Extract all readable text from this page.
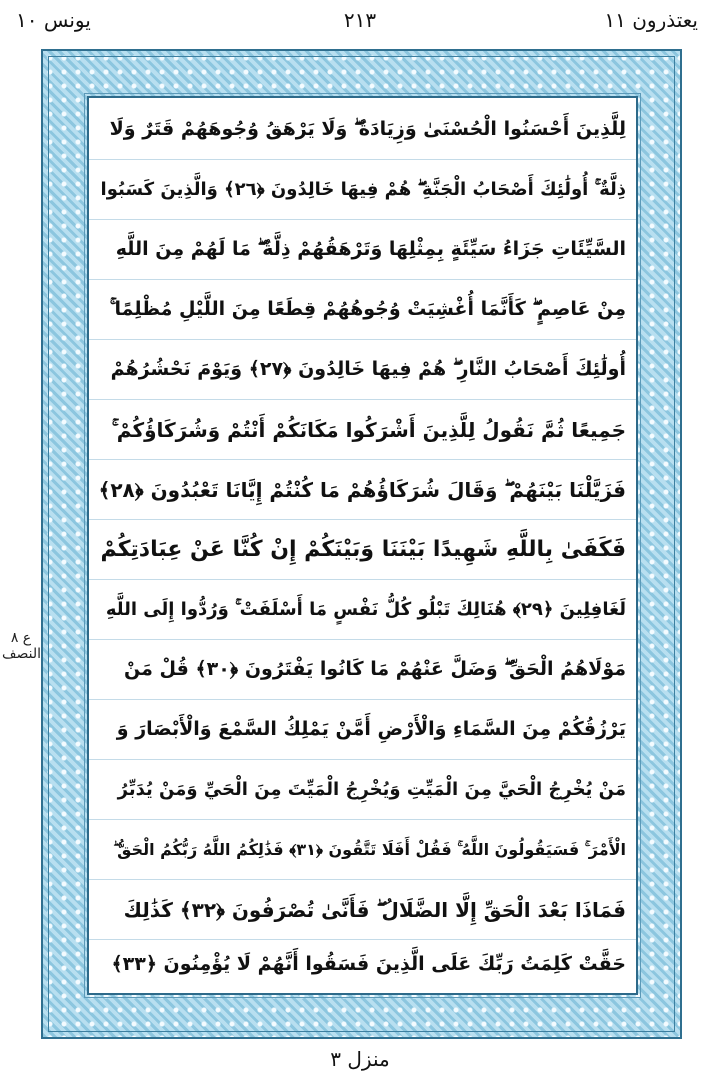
يونس ١٠	٢١٣	يعتذرون ١١
ع ٨
النصف
لِلَّذِينَ أَحْسَنُوا الْحُسْنَىٰ وَزِيَادَةٌ ۖ وَلَا يَرْهَقُ وُجُوهَهُمْ قَتَرٌ وَلَا
ذِلَّةٌ ۚ أُولَٰئِكَ أَصْحَابُ الْجَنَّةِ ۖ هُمْ فِيهَا خَالِدُونَ ﴿٢٦﴾ وَالَّذِينَ كَسَبُوا
السَّيِّئَاتِ جَزَاءُ سَيِّئَةٍ بِمِثْلِهَا وَتَرْهَقُهُمْ ذِلَّةٌ ۖ مَا لَهُمْ مِنَ اللَّهِ
مِنْ عَاصِمٍ ۖ كَأَنَّمَا أُغْشِيَتْ وُجُوهُهُمْ قِطَعًا مِنَ اللَّيْلِ مُظْلِمًا ۚ
أُولَٰئِكَ أَصْحَابُ النَّارِ ۖ هُمْ فِيهَا خَالِدُونَ ﴿٢٧﴾ وَيَوْمَ نَحْشُرُهُمْ
جَمِيعًا ثُمَّ نَقُولُ لِلَّذِينَ أَشْرَكُوا مَكَانَكُمْ أَنْتُمْ وَشُرَكَاؤُكُمْ ۚ
فَزَيَّلْنَا بَيْنَهُمْ ۖ وَقَالَ شُرَكَاؤُهُمْ مَا كُنْتُمْ إِيَّانَا تَعْبُدُونَ ﴿٢٨﴾
فَكَفَىٰ بِاللَّهِ شَهِيدًا بَيْنَنَا وَبَيْنَكُمْ إِنْ كُنَّا عَنْ عِبَادَتِكُمْ
لَغَافِلِينَ ﴿٢٩﴾ هُنَالِكَ تَبْلُو كُلُّ نَفْسٍ مَا أَسْلَفَتْ ۚ وَرُدُّوا إِلَى اللَّهِ
مَوْلَاهُمُ الْحَقِّ ۖ وَضَلَّ عَنْهُمْ مَا كَانُوا يَفْتَرُونَ ﴿٣٠﴾ قُلْ مَنْ
يَرْزُقُكُمْ مِنَ السَّمَاءِ وَالْأَرْضِ أَمَّنْ يَمْلِكُ السَّمْعَ وَالْأَبْصَارَ وَ
مَنْ يُخْرِجُ الْحَيَّ مِنَ الْمَيِّتِ وَيُخْرِجُ الْمَيِّتَ مِنَ الْحَيِّ وَمَنْ يُدَبِّرُ
الْأَمْرَ ۚ فَسَيَقُولُونَ اللَّهُ ۚ فَقُلْ أَفَلَا تَتَّقُونَ ﴿٣١﴾ فَذَٰلِكُمُ اللَّهُ رَبُّكُمُ الْحَقُّ ۖ
فَمَاذَا بَعْدَ الْحَقِّ إِلَّا الضَّلَالُ ۖ فَأَنَّىٰ تُصْرَفُونَ ﴿٣٢﴾ كَذَٰلِكَ
حَقَّتْ كَلِمَتُ رَبِّكَ عَلَى الَّذِينَ فَسَقُوا أَنَّهُمْ لَا يُؤْمِنُونَ ﴿٣٣﴾
منزل ٣
